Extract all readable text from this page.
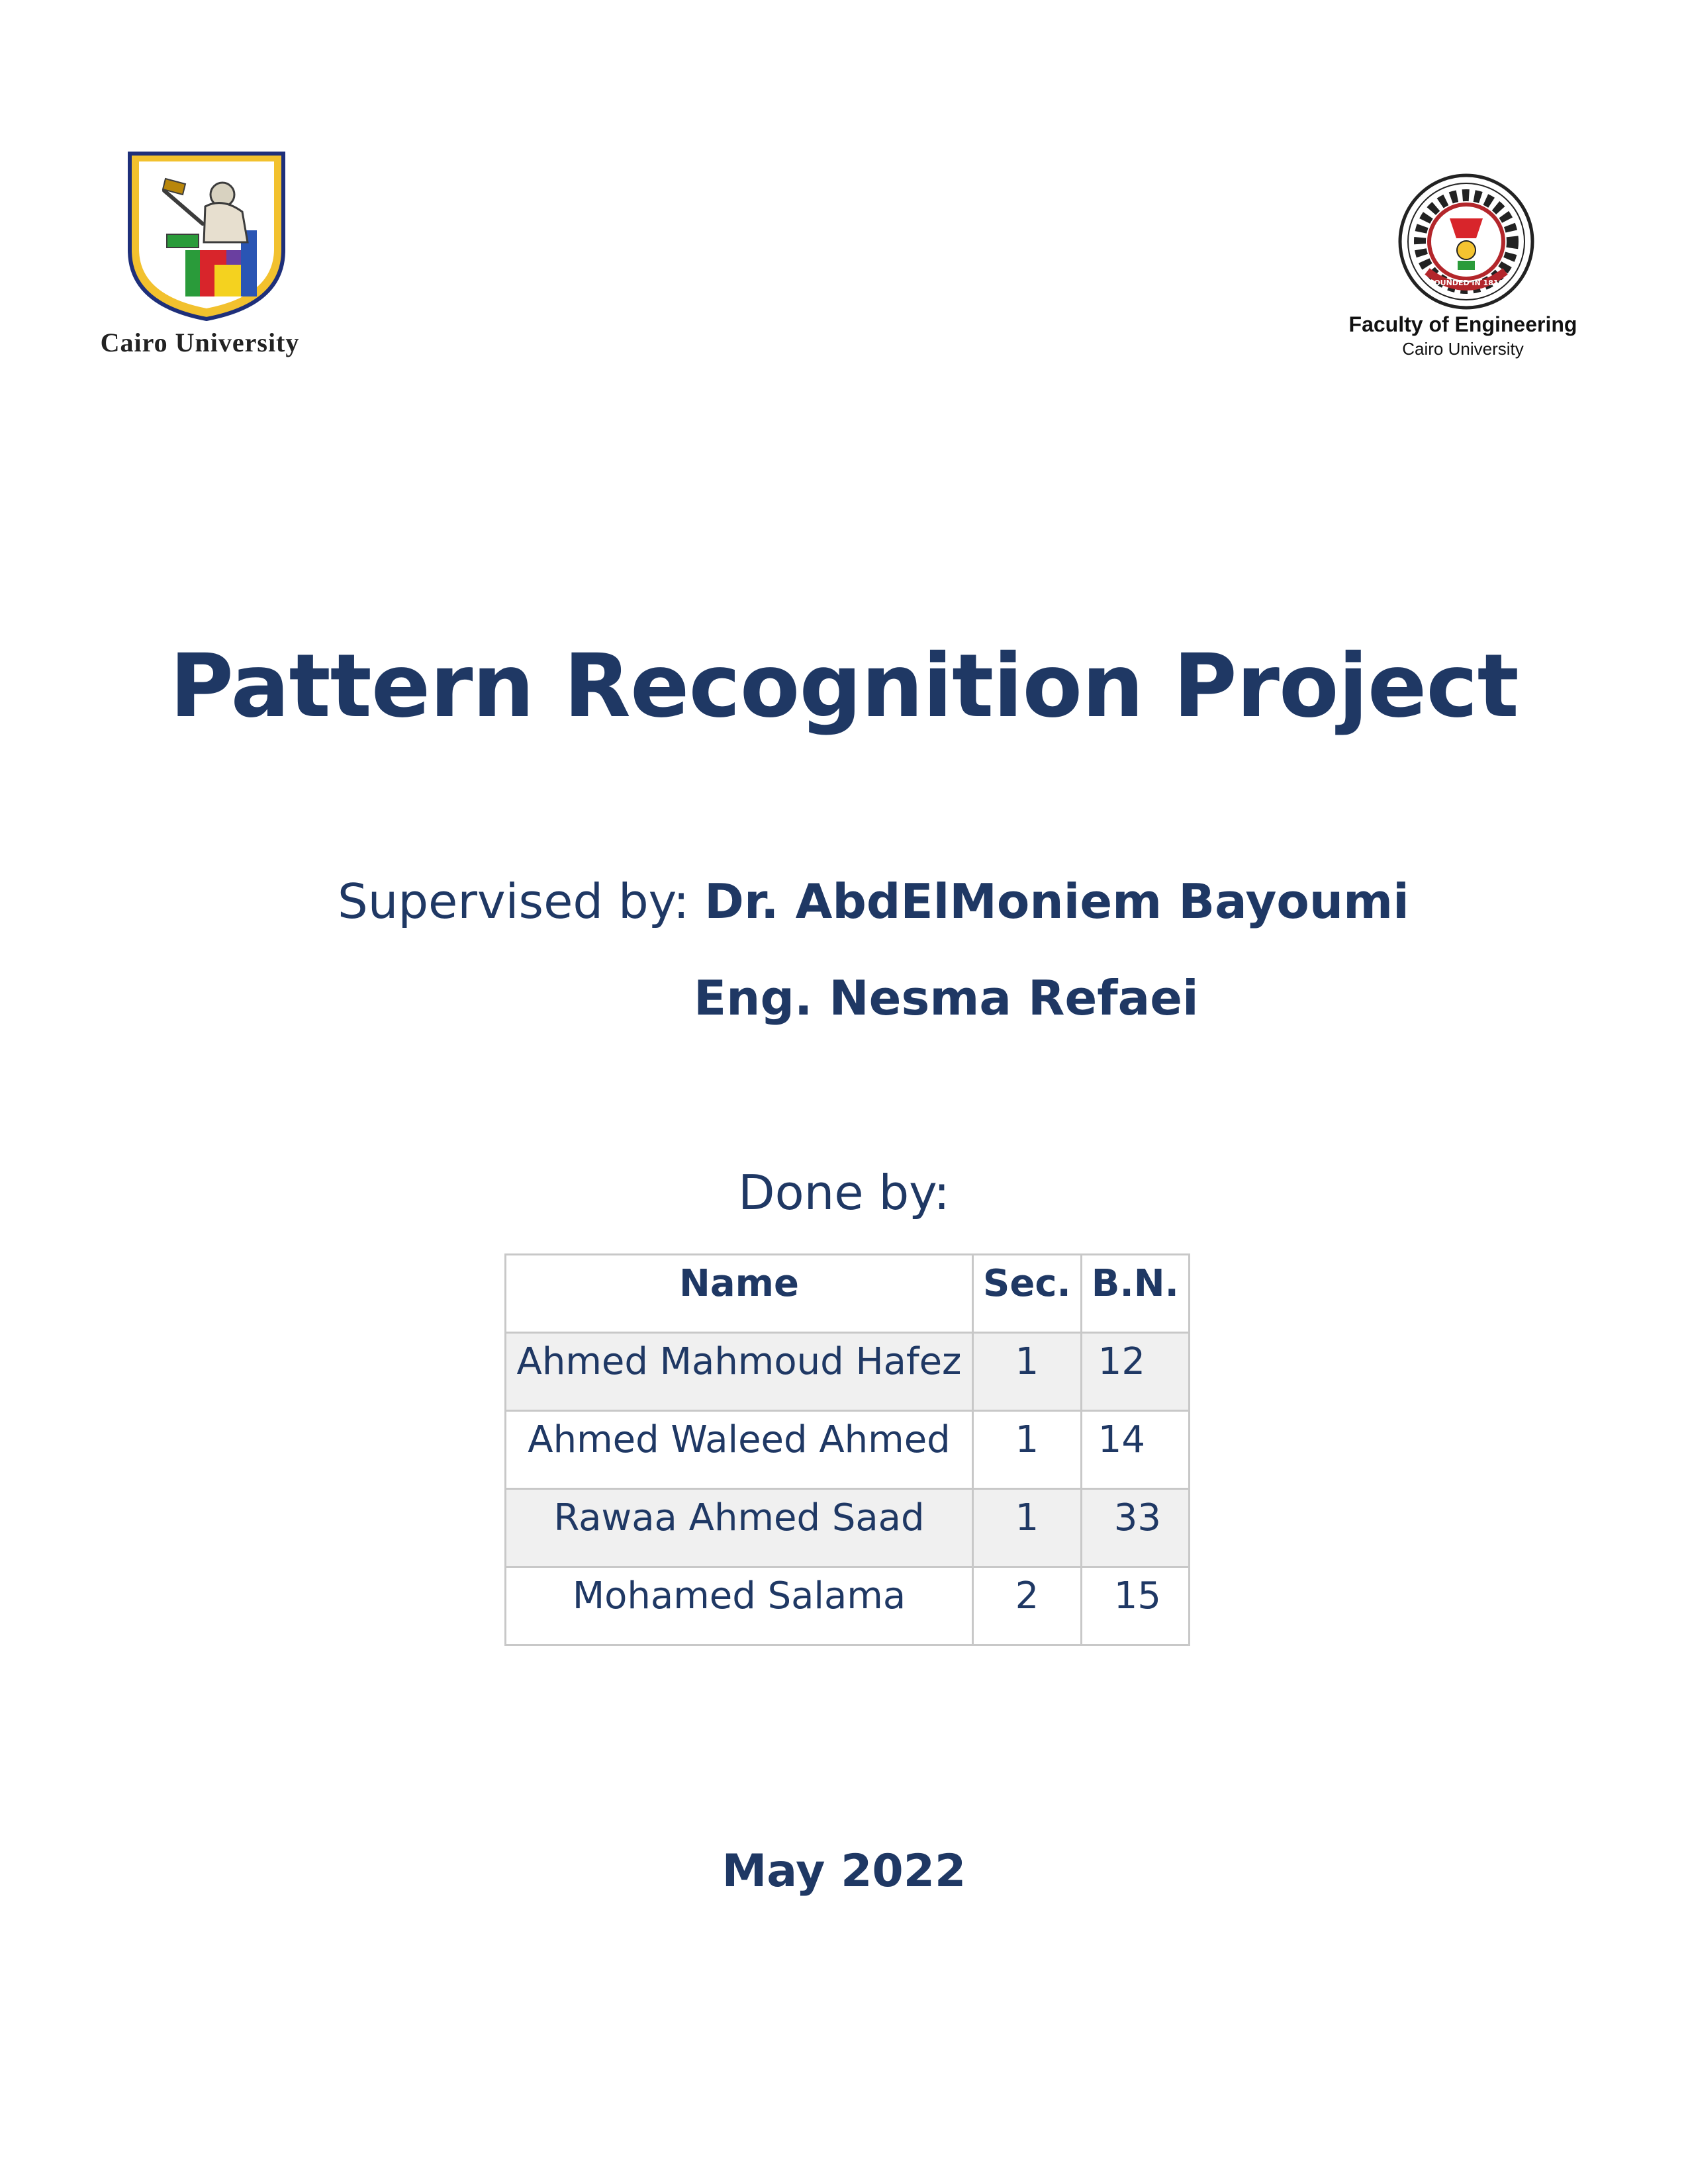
Cairo University
FOUNDED IN 1816
Faculty of Engineering
Cairo University
Pattern Recognition Project
Supervised by: Dr. AbdElMoniem Bayoumi
Eng. Nesma Refaei
Done by:
Name	Sec.	B.N.
Ahmed Mahmoud Hafez	1	12
Ahmed Waleed Ahmed	1	14
Rawaa Ahmed Saad	1	33
Mohamed Salama	2	15
May 2022
